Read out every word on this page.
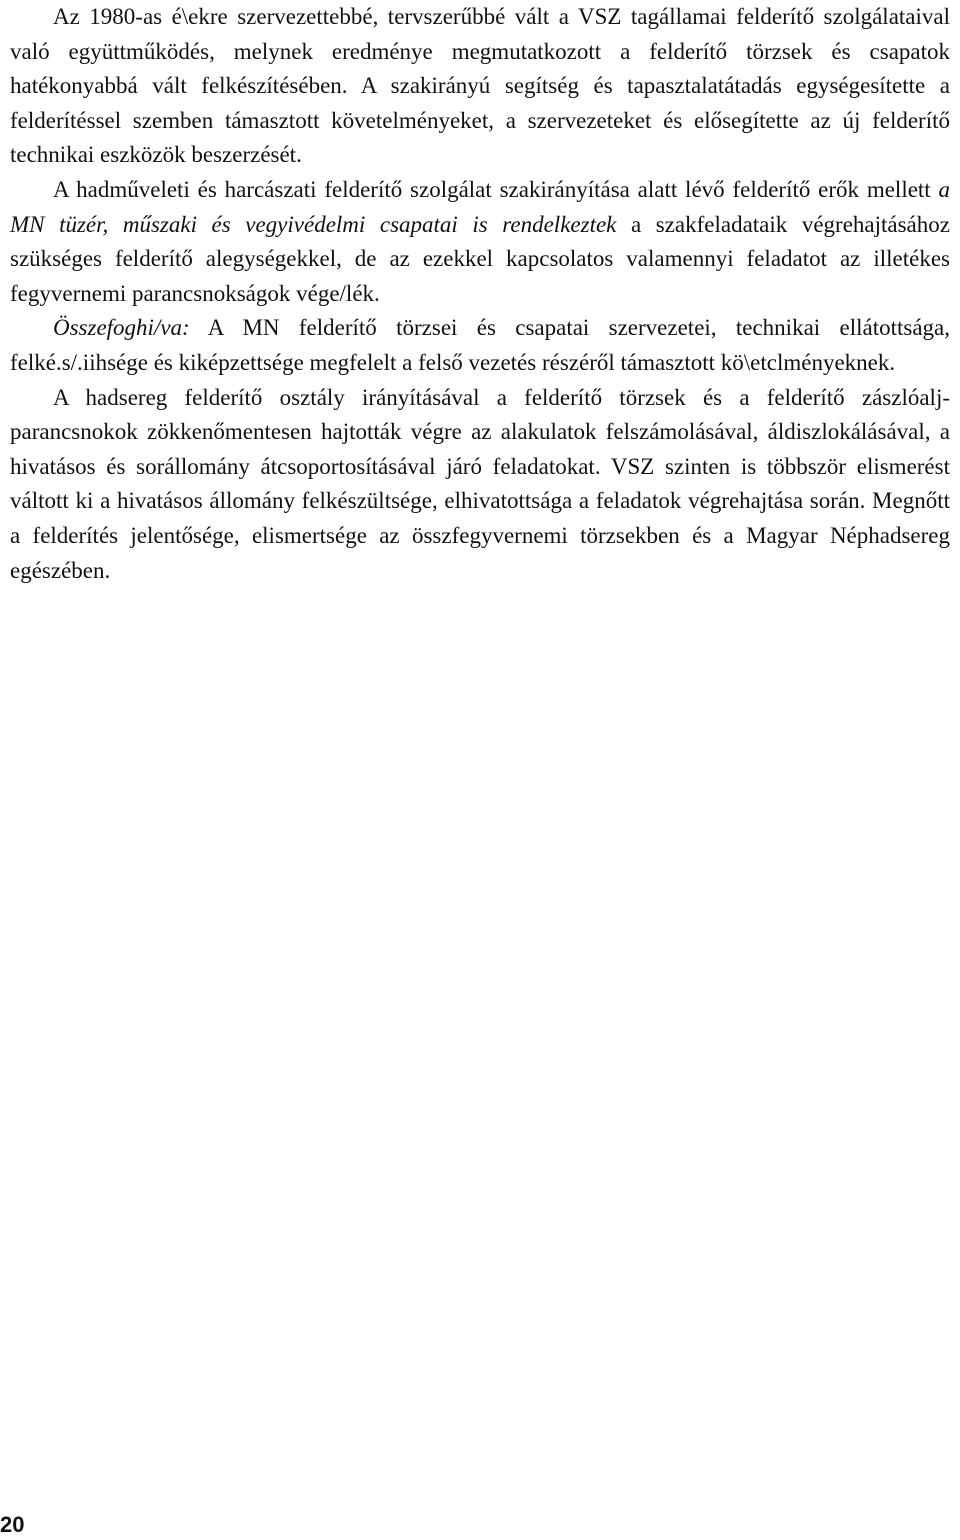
Az 1980-as é\ekre szervezettebbé, tervszerűbbé vált a VSZ tagállamai felderítő szolgálataival való együttműködés, melynek eredménye megmutatkozott a felderítő törzsek és csapatok hatékonyabbá vált felkészítésében. A szakirányú segítség és tapasztalatátadás egységesítette a felderítéssel szemben támasztott követelményeket, a szervezeteket és elősegítette az új felderítő technikai eszközök beszerzését.

A hadműveleti és harcászati felderítő szolgálat szakirányítása alatt lévő felderítő erők mellett a MN tüzér, műszaki és vegyivédelmi csapatai is rendelkeztek a szakfeladataik végrehajtásához szükséges felderítő alegységekkel, de az ezekkel kapcsolatos valamennyi feladatot az illetékes fegyvernemi parancsnokságok vége/lék.

Összefoghi/va: A MN felderítő törzsei és csapatai szervezetei, technikai ellátottsága, felké.s/.iihsége és kiképzettsége megfelelt a felső vezetés részéről támasztott kö\etclményeknek.

A hadsereg felderítő osztály irányításával a felderítő törzsek és a felderítő zászlóalj-parancsnokok zökkenőmentesen hajtották végre az alakulatok felszámolásával, áldiszlokálásával, a hivatásos és sorállomány átcsoportosításával járó feladatokat. VSZ szinten is többször elismerést váltott ki a hivatásos állomány felkészültsége, elhivatottsága a feladatok végrehajtása során. Megnőtt a felderítés jelentősége, elismertsége az összfegyvernemi törzsekben és a Magyar Néphadsereg egészében.

20
